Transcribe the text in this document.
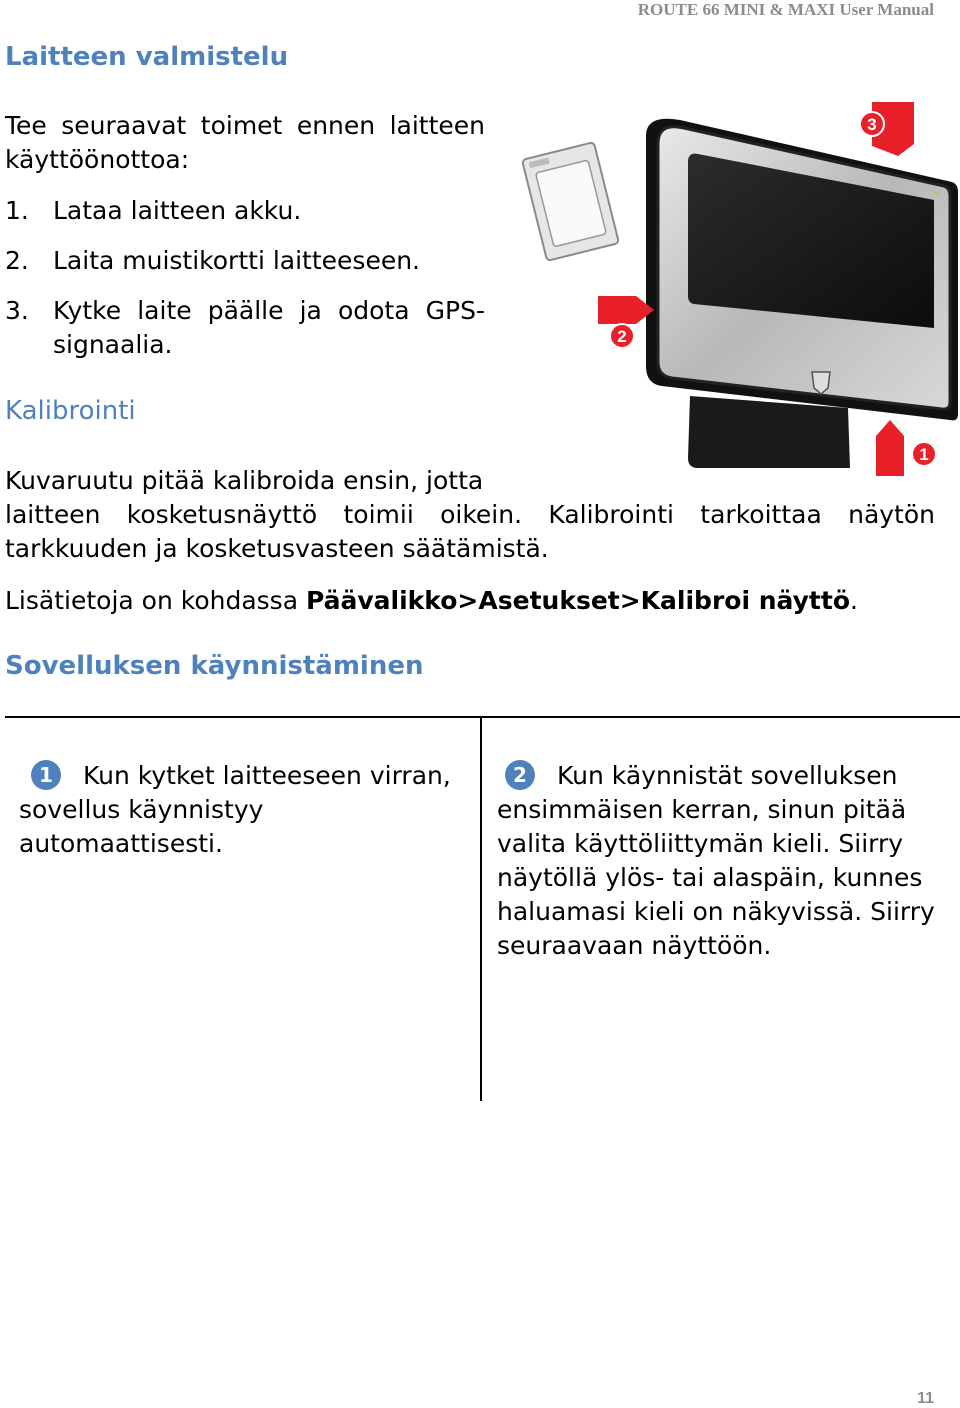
ROUTE 66 MINI & MAXI User Manual
Laitteen valmistelu
Tee seuraavat toimet ennen laitteen
käyttöönottoa:
1. Lataa laitteen akku.
2. Laita muistikortti laitteeseen.
3. Kytke laite päälle ja odota GPS-
signaalia.
Kalibrointi
Kuvaruutu pitää kalibroida ensin, jotta
laitteen kosketusnäyttö toimii oikein. Kalibrointi tarkoittaa näytön
tarkkuuden ja kosketusvasteen säätämistä.
Lisätietoja on kohdassa Päävalikko>Asetukset>Kalibroi näyttö.
Sovelluksen käynnistäminen
3
2
1
1 Kun kytket laitteeseen virran,
sovellus käynnistyy automaattisesti.
2 Kun käynnistät sovelluksen
ensimmäisen kerran, sinun pitää
valita käyttöliittymän kieli. Siirry
näytöllä ylös- tai alaspäin, kunnes
haluamasi kieli on näkyvissä. Siirry
seuraavaan näyttöön.
11
